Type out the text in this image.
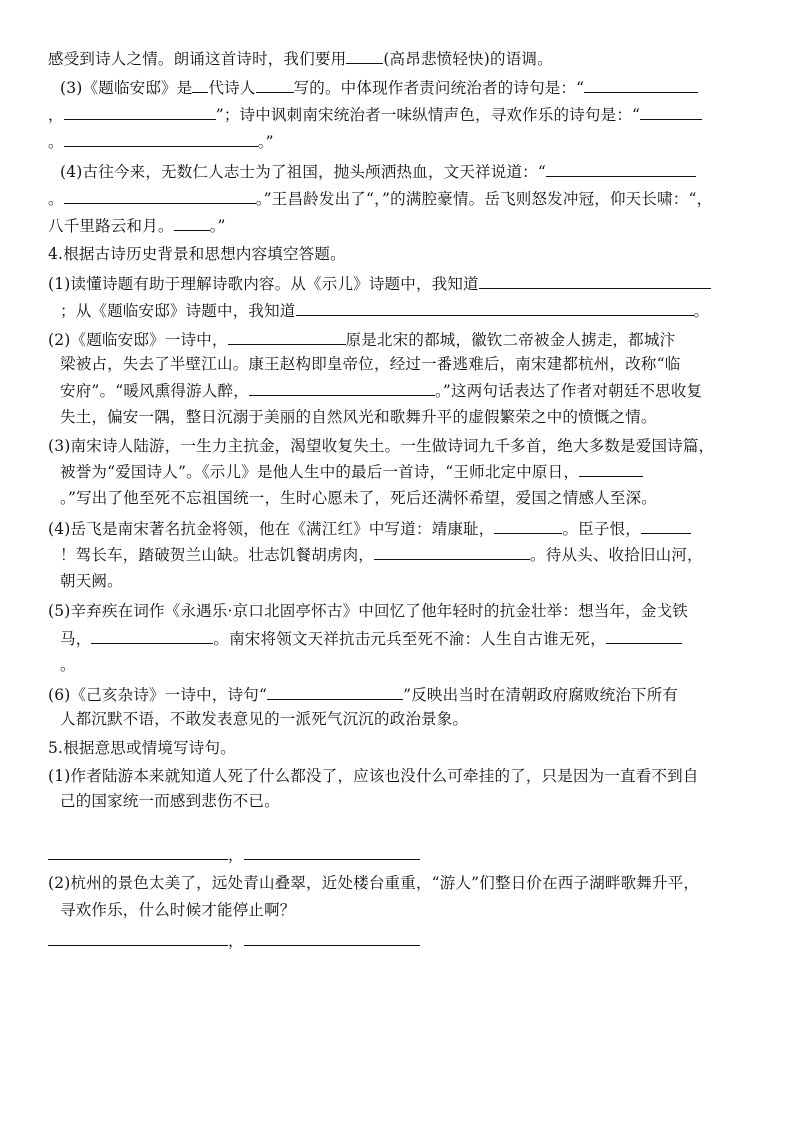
感受到诗人之情。朗诵这首诗时，我们要用 (高昂悲愤轻快)的语调。
(3)《题临安邸》是 代诗人 写的。中体现作者责问统治者的诗句是：“
，	”；诗中讽刺南宋统治者一味纵情声色，寻欢作乐的诗句是：“
。	。”
(4)古往今来，无数仁人志士为了祖国，抛头颅洒热血，文天祥说道：“
。	。”王昌龄发出了“，”的满腔豪情。岳飞则怒发冲冠，仰天长啸：“，
八千里路云和月。 。”
4.根据古诗历史背景和思想内容填空答题。
(1)读懂诗题有助于理解诗歌内容。从《示儿》诗题中，我知道
；从《题临安邸》诗题中，我知道	。
(2)《题临安邸》一诗中，	原是北宋的都城，徽钦二帝被金人掳走，都城汴
梁被占，失去了半壁江山。康王赵构即皇帝位，经过一番逃难后，南宋建都杭州，改称“临
安府”。“暖风熏得游人醉，	。”这两句话表达了作者对朝廷不思收复
失土，偏安一隅，整日沉溺于美丽的自然风光和歌舞升平的虚假繁荣之中的愤慨之情。
(3)南宋诗人陆游，一生力主抗金，渴望收复失土。一生做诗词九千多首，绝大多数是爱国诗篇，
被誉为“爱国诗人”。《示儿》是他人生中的最后一首诗，“王师北定中原日，
。”写出了他至死不忘祖国统一，生时心愿未了，死后还满怀希望，爱国之情感人至深。
(4)岳飞是南宋著名抗金将领，他在《满江红》中写道：靖康耻，	。臣子恨，
！驾长车，踏破贺兰山缺。壮志饥餐胡虏肉，	。待从头、收拾旧山河，
朝天阙。
(5)辛弃疾在词作《永遇乐·京口北固亭怀古》中回忆了他年轻时的抗金壮举：想当年，金戈铁
马，	。南宋将领文天祥抗击元兵至死不渝：人生自古谁无死，
。
(6)《己亥杂诗》一诗中，诗句“	”反映出当时在清朝政府腐败统治下所有
人都沉默不语，不敢发表意见的一派死气沉沉的政治景象。
5.根据意思或情境写诗句。
(1)作者陆游本来就知道人死了什么都没了，应该也没什么可牵挂的了，只是因为一直看不到自
己的国家统一而感到悲伤不已。
，
(2)杭州的景色太美了，远处青山叠翠，近处楼台重重，“游人”们整日价在西子湖畔歌舞升平，
寻欢作乐，什么时候才能停止啊？
，
